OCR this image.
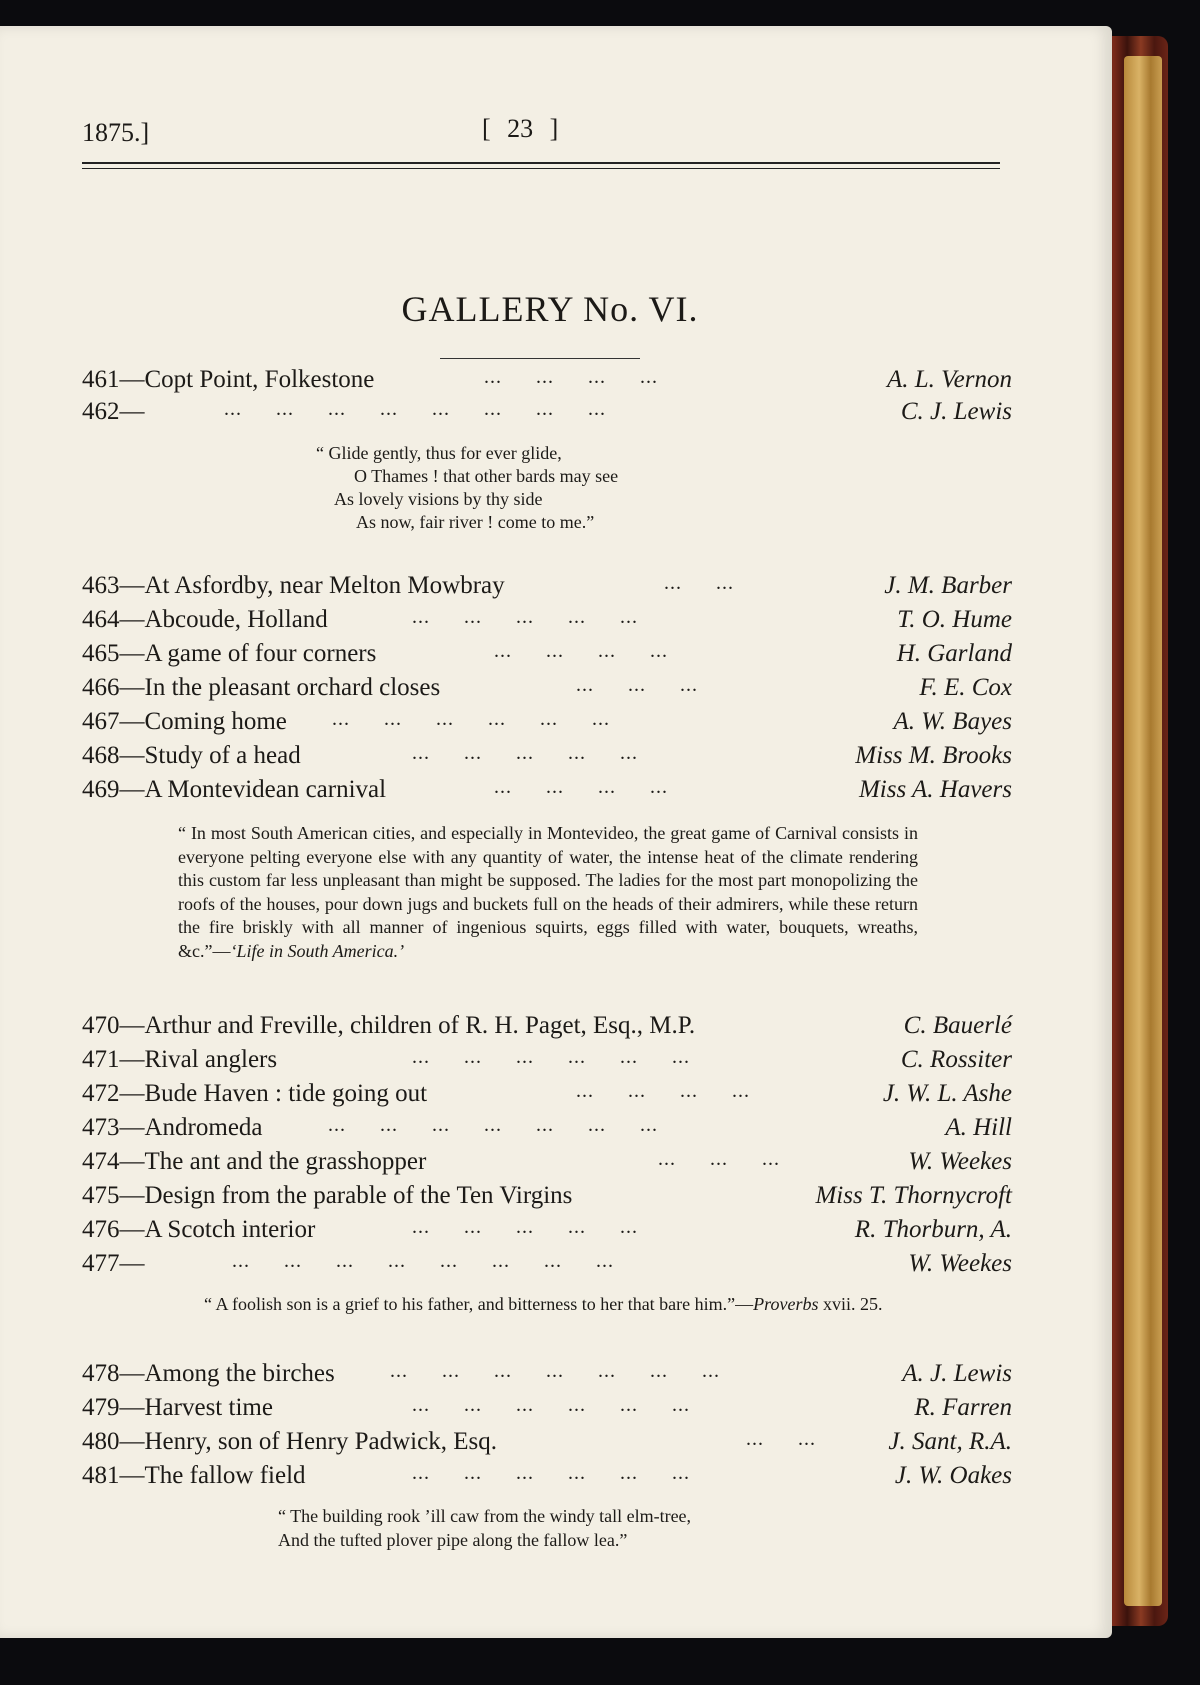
1875.]	[ 23 ]
GALLERY No. VI.
461—Copt Point, Folkestone	... ... ... ...	A. L. Vernon
462—	... ... ... ... ... ... ... ...	C. J. Lewis
“ Glide gently, thus for ever glide,
O Thames ! that other bards may see
As lovely visions by thy side
As now, fair river ! come to me.”
463—At Asfordby, near Melton Mowbray	... ...	J. M. Barber
464—Abcoude, Holland	... ... ... ... ...	T. O. Hume
465—A game of four corners	... ... ... ...	H. Garland
466—In the pleasant orchard closes	... ... ...	F. E. Cox
467—Coming home ... ... ... ... ... ...	A. W. Bayes
468—Study of a head	... ... ... ... ...	Miss M. Brooks
469—A Montevidean carnival	... ... ... ...	Miss A. Havers
“ In most South American cities, and especially in Montevideo, the great game of Carnival consists in everyone pelting everyone else with any quantity of water, the intense heat of the climate rendering this custom far less unpleasant than might be supposed. The ladies for the most part monopolizing the roofs of the houses, pour down jugs and buckets full on the heads of their admirers, while these return the fire briskly with all manner of ingenious squirts, eggs filled with water, bouquets, wreaths, &c.”—‘Life in South America.’
470—Arthur and Freville, children of R. H. Paget, Esq., M.P.	C. Bauerlé
471—Rival anglers	... ... ... ... ... ...	C. Rossiter
472—Bude Haven : tide going out	... ... ... ...	J. W. L. Ashe
473—Andromeda	... ... ... ... ... ... ...	A. Hill
474—The ant and the grasshopper	... ... ...	W. Weekes
475—Design from the parable of the Ten Virgins	Miss T. Thornycroft
476—A Scotch interior	... ... ... ... ...	R. Thorburn, A.
477—	... ... ... ... ... ... ... ...	W. Weekes
“ A foolish son is a grief to his father, and bitterness to her that bare him.”—Proverbs xvii. 25.
478—Among the birches	... ... ... ... ... ... ...	A. J. Lewis
479—Harvest time	... ... ... ... ... ...	R. Farren
480—Henry, son of Henry Padwick, Esq.	... ...	J. Sant, R.A.
481—The fallow field	... ... ... ... ... ...	J. W. Oakes
“ The building rook ’ill caw from the windy tall elm-tree,
And the tufted plover pipe along the fallow lea.”
